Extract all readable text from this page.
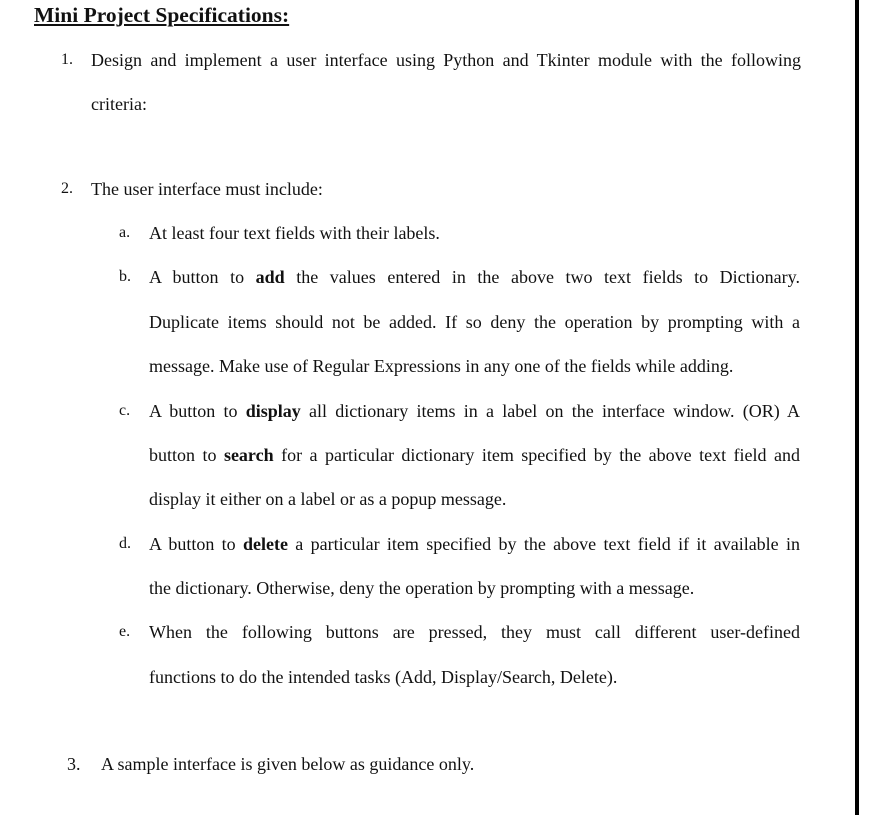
Mini Project Specifications:
1. Design and implement a user interface using Python and Tkinter module with the following
criteria:
2. The user interface must include:
a. At least four text fields with their labels.
b. A button to add the values entered in the above two text fields to Dictionary.
Duplicate items should not be added. If so deny the operation by prompting with a
message. Make use of Regular Expressions in any one of the fields while adding.
c. A button to display all dictionary items in a label on the interface window. (OR) A
button to search for a particular dictionary item specified by the above text field and
display it either on a label or as a popup message.
d. A button to delete a particular item specified by the above text field if it available in
the dictionary. Otherwise, deny the operation by prompting with a message.
e. When the following buttons are pressed, they must call different user-defined
functions to do the intended tasks (Add, Display/Search, Delete).
3. A sample interface is given below as guidance only.
